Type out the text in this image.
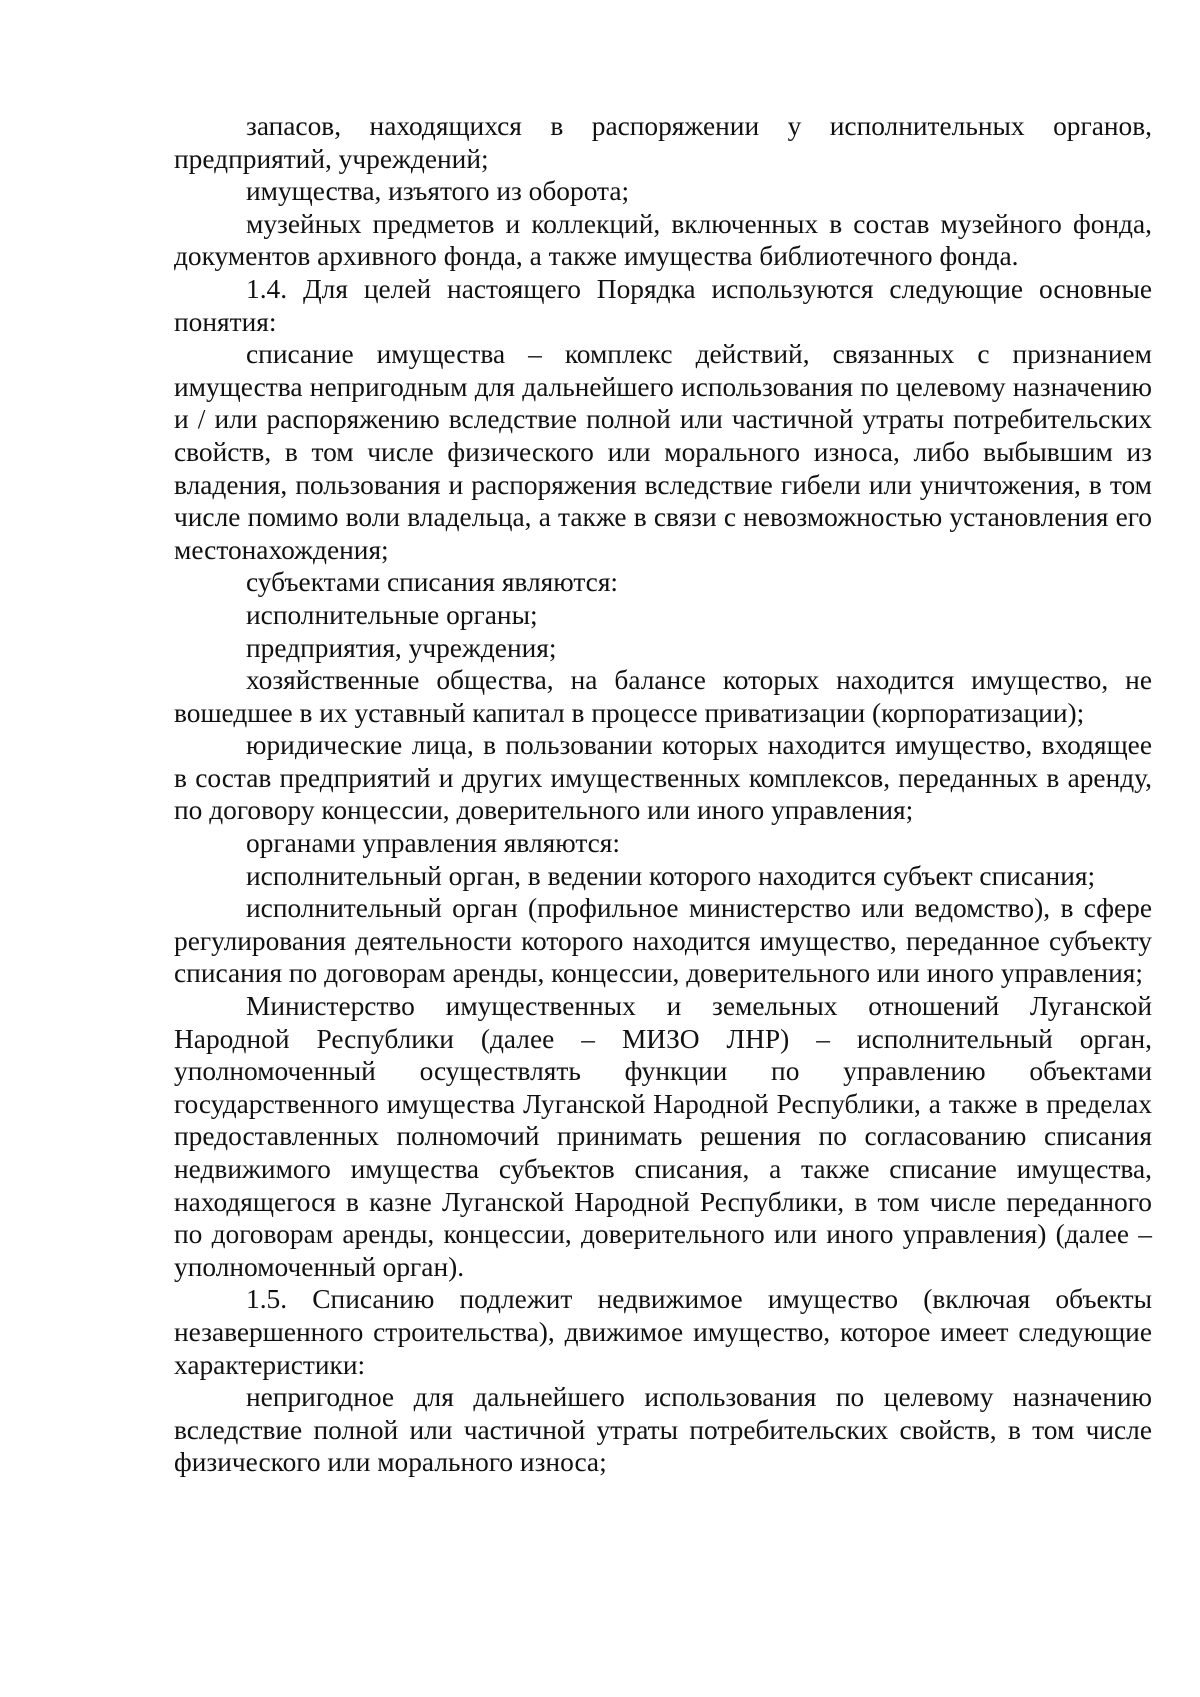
запасов, находящихся в распоряжении у исполнительных органов, предприятий, учреждений;

имущества, изъятого из оборота;

музейных предметов и коллекций, включенных в состав музейного фонда, документов архивного фонда, а также имущества библиотечного фонда.

1.4. Для целей настоящего Порядка используются следующие основные понятия:

списание имущества – комплекс действий, связанных с признанием имущества непригодным для дальнейшего использования по целевому назначению и / или распоряжению вследствие полной или частичной утраты потребительских свойств, в том числе физического или морального износа, либо выбывшим из владения, пользования и распоряжения вследствие гибели или уничтожения, в том числе помимо воли владельца, а также в связи с невозможностью установления его местонахождения;

субъектами списания являются:

исполнительные органы;

предприятия, учреждения;

хозяйственные общества, на балансе которых находится имущество, не вошедшее в их уставный капитал в процессе приватизации (корпоратизации);

юридические лица, в пользовании которых находится имущество, входящее в состав предприятий и других имущественных комплексов, переданных в аренду, по договору концессии, доверительного или иного управления;

органами управления являются:

исполнительный орган, в ведении которого находится субъект списания;

исполнительный орган (профильное министерство или ведомство), в сфере регулирования деятельности которого находится имущество, переданное субъекту списания по договорам аренды, концессии, доверительного или иного управления;

Министерство имущественных и земельных отношений Луганской Народной Республики (далее – МИЗО ЛНР) – исполнительный орган, уполномоченный осуществлять функции по управлению объектами государственного имущества Луганской Народной Республики, а также в пределах предоставленных полномочий принимать решения по согласованию списания недвижимого имущества субъектов списания, а также списание имущества, находящегося в казне Луганской Народной Республики, в том числе переданного по договорам аренды, концессии, доверительного или иного управления) (далее – уполномоченный орган).

1.5. Списанию подлежит недвижимое имущество (включая объекты незавершенного строительства), движимое имущество, которое имеет следующие характеристики:

непригодное для дальнейшего использования по целевому назначению вследствие полной или частичной утраты потребительских свойств, в том числе физического или морального износа;
